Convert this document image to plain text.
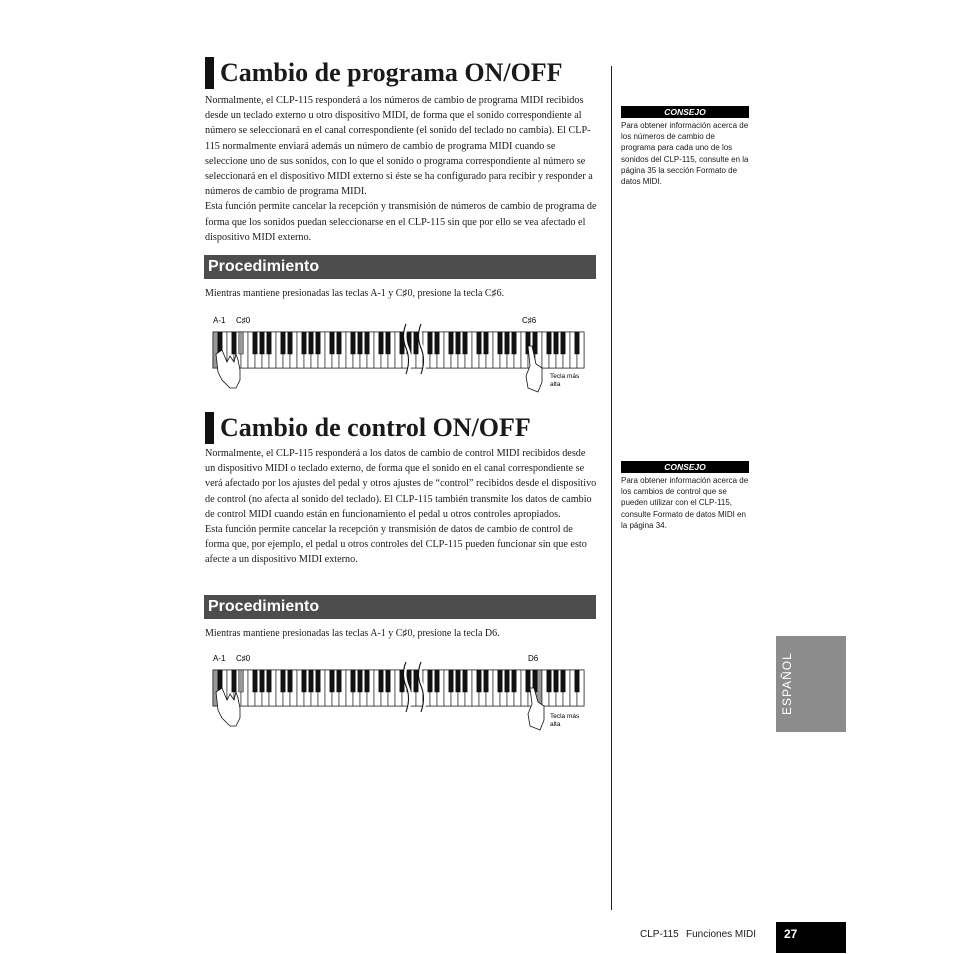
Cambio de programa ON/OFF

Normalmente, el CLP-115 responderá a los números de cambio de programa MIDI recibidos desde un teclado externo u otro dispositivo MIDI, de forma que el sonido correspondiente al número se seleccionará en el canal correspondiente (el sonido del teclado no cambia). El CLP-115 normalmente enviará además un número de cambio de programa MIDI cuando se seleccione uno de sus sonidos, con lo que el sonido o programa correspondiente al número se seleccionará en el dispositivo MIDI externo si éste se ha configurado para recibir y responder a números de cambio de programa MIDI.

Esta función permite cancelar la recepción y transmisión de números de cambio de programa de forma que los sonidos puedan seleccionarse en el CLP-115 sin que por ello se vea afectado el dispositivo MIDI externo.

Procedimiento
Mientras mantiene presionadas las teclas A-1 y C♯0, presione la tecla C♯6.
A-1 C♯0	C♯6
Tecla más
alta
Cambio de control ON/OFF

Normalmente, el CLP-115 responderá a los datos de cambio de control MIDI recibidos desde un dispositivo MIDI o teclado externo, de forma que el sonido en el canal correspondiente se verá afectado por los ajustes del pedal y otros ajustes de “control” recibidos desde el dispositivo de control (no afecta al sonido del teclado). El CLP-115 también transmite los datos de cambio de control MIDI cuando están en funcionamiento el pedal u otros controles apropiados.

Esta función permite cancelar la recepción y transmisión de datos de cambio de control de forma que, por ejemplo, el pedal u otros controles del CLP-115 pueden funcionar sin que esto afecte a un dispositivo MIDI externo.

Procedimiento
Mientras mantiene presionadas las teclas A-1 y C♯0, presione la tecla D6.
A-1 C♯0	D6
Tecla más
alta
CONSEJO
Para obtener información acerca de los números de cambio de programa para cada uno de los sonidos del CLP-115, consulte en la página 35 la sección Formato de datos MIDI.
CONSEJO
Para obtener información acerca de los cambios de control que se pueden utilizar con el CLP-115, consulte Formato de datos MIDI en la página 34.
ESPAÑOL
CLP-115 Funciones MIDI	27
